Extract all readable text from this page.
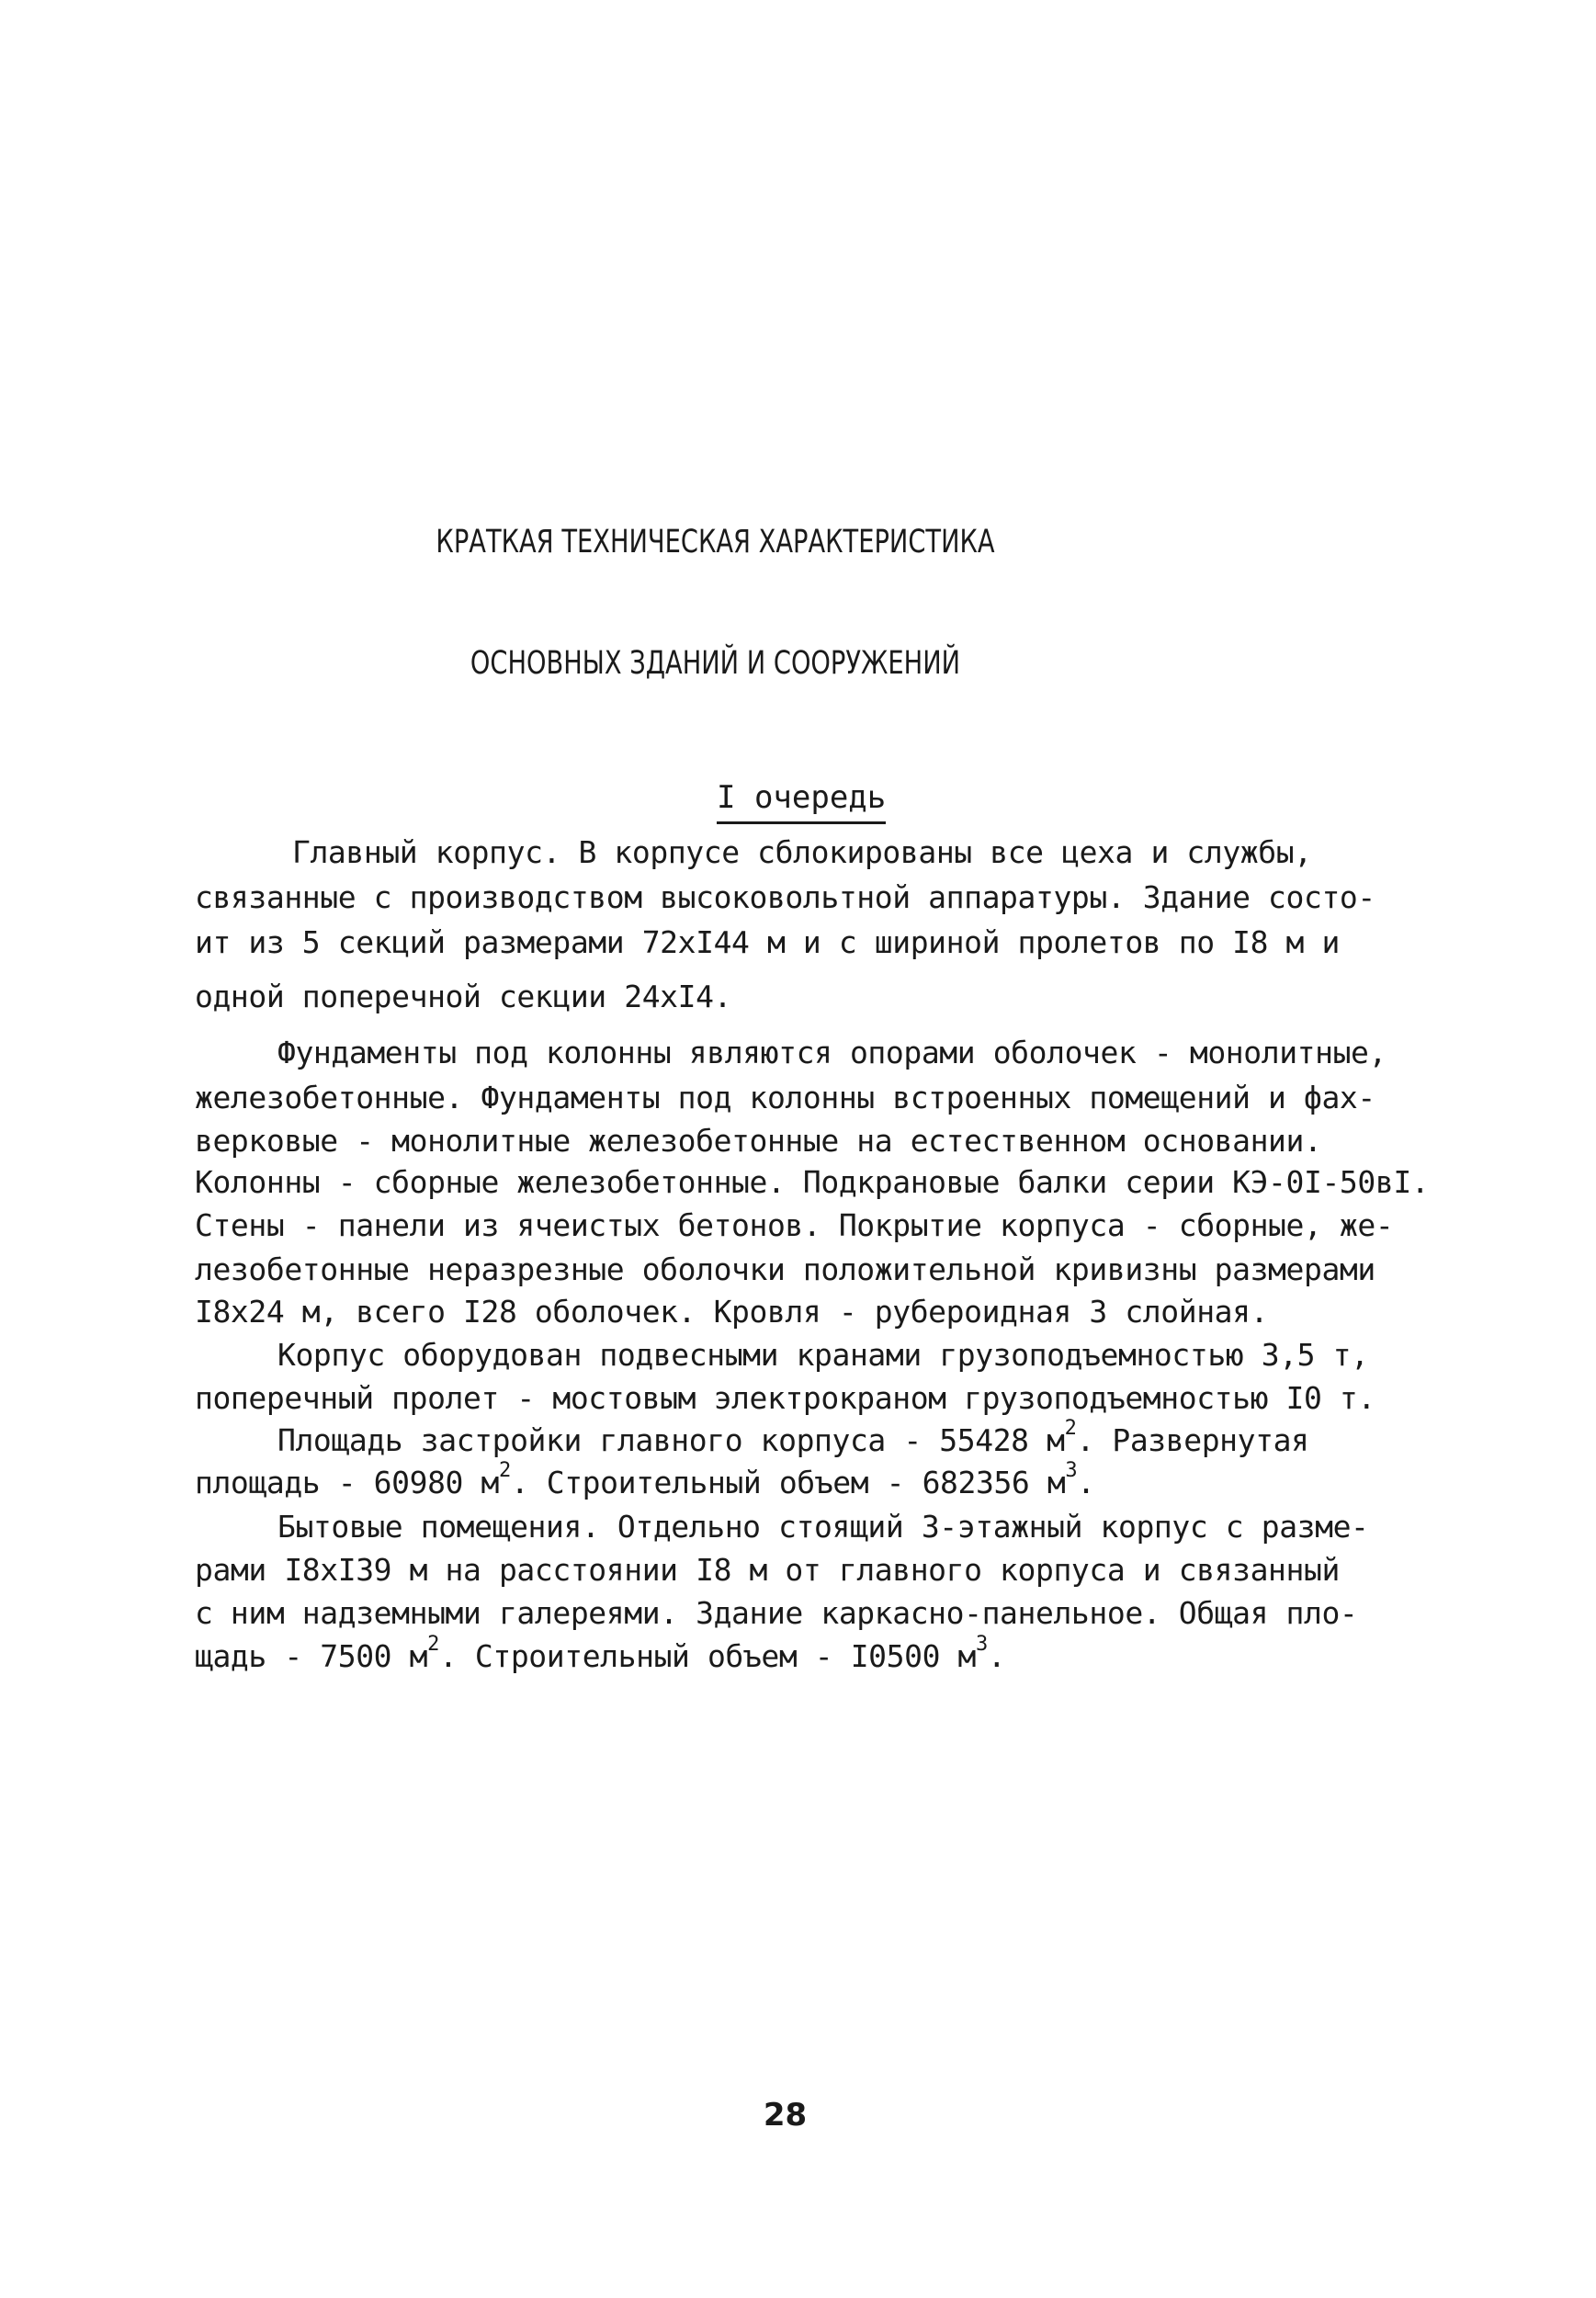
КРАТКАЯ ТЕХНИЧЕСКАЯ ХАРАКТЕРИСТИКА
ОСНОВНЫХ ЗДАНИЙ И СООРУЖЕНИЙ
I очередь
Главный корпус. В корпусе сблокированы все цеха и службы,
связанные с производством высоковольтной аппаратуры. Здание состо-
ит из 5 секций размерами 72хI44 м и с шириной пролетов по I8 м и
одной поперечной секции 24хI4.
Фундаменты под колонны являются опорами оболочек - монолитные,
железобетонные. Фундаменты под колонны встроенных помещений и фах-
верковые - монолитные железобетонные на естественном основании.
Колонны - сборные железобетонные. Подкрановые балки серии КЭ-0I-50вI.
Стены - панели из ячеистых бетонов. Покрытие корпуса - сборные, же-
лезобетонные неразрезные оболочки положительной кривизны размерами
I8х24 м, всего I28 оболочек. Кровля - рубероидная 3 слойная.
Корпус оборудован подвесными кранами грузоподъемностью 3,5 т,
поперечный пролет - мостовым электрокраном грузоподъемностью I0 т.
Площадь застройки главного корпуса - 55428 $м^2$. Развернутая
площадь - 60980 $м^2$. Строительный объем - 682356 $м^3$.
Бытовые помещения. Отдельно стоящий 3-этажный корпус с разме-
рами I8хI39 м на расстоянии I8 м от главного корпуса и связанный
с ним надземными галереями. Здание каркасно-панельное. Общая пло-
щадь - 7500 $м^2$. Строительный объем - I0500 $м^3$.
28
